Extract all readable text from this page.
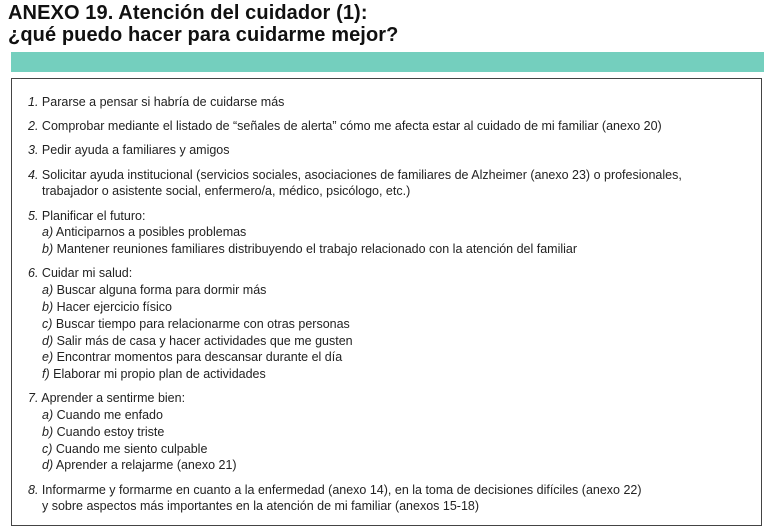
ANEXO 19. Atención del cuidador (1):
¿qué puedo hacer para cuidarme mejor?
1. Pararse a pensar si habría de cuidarse más
2. Comprobar mediante el listado de “señales de alerta” cómo me afecta estar al cuidado de mi familiar (anexo 20)
3. Pedir ayuda a familiares y amigos
4. Solicitar ayuda institucional (servicios sociales, asociaciones de familiares de Alzheimer (anexo 23) o profesionales,
trabajador o asistente social, enfermero/a, médico, psicólogo, etc.)
5. Planificar el futuro:
a) Anticiparnos a posibles problemas
b) Mantener reuniones familiares distribuyendo el trabajo relacionado con la atención del familiar
6. Cuidar mi salud:
a) Buscar alguna forma para dormir más
b) Hacer ejercicio físico
c) Buscar tiempo para relacionarme con otras personas
d) Salir más de casa y hacer actividades que me gusten
e) Encontrar momentos para descansar durante el día
f) Elaborar mi propio plan de actividades
7. Aprender a sentirme bien:
a) Cuando me enfado
b) Cuando estoy triste
c) Cuando me siento culpable
d) Aprender a relajarme (anexo 21)
8. Informarme y formarme en cuanto a la enfermedad (anexo 14), en la toma de decisiones difíciles (anexo 22)
y sobre aspectos más importantes en la atención de mi familiar (anexos 15-18)
